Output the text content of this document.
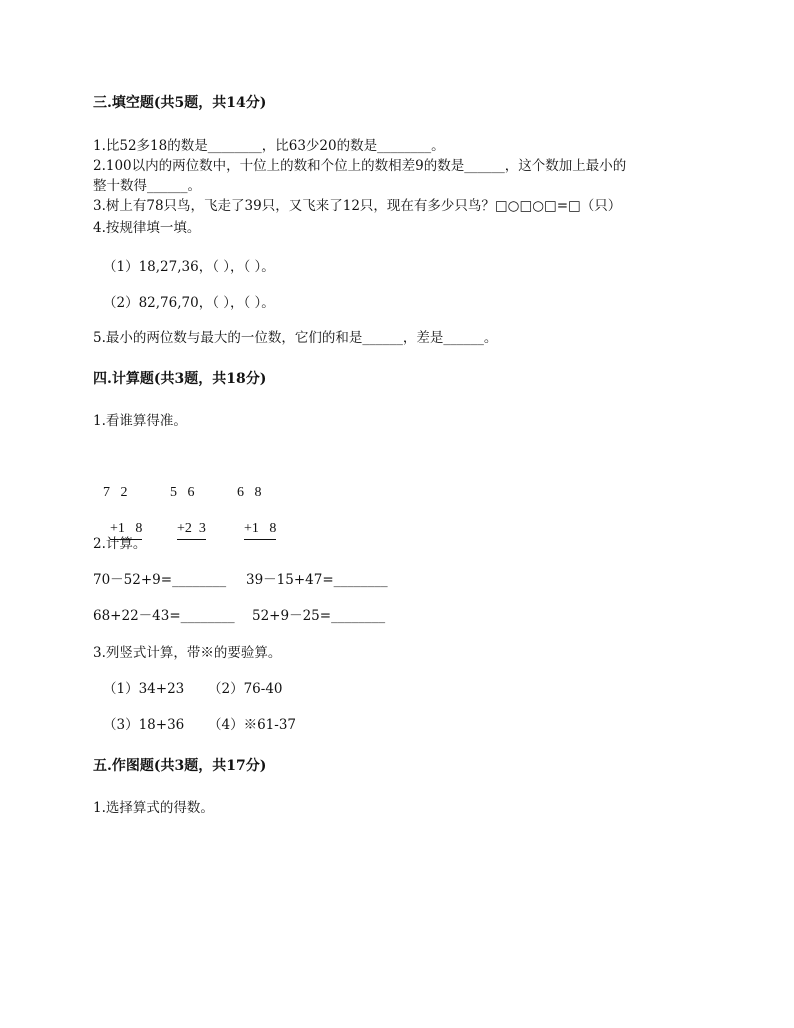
三.填空题(共5题，共14分)
1.比52多18的数是________，比63少20的数是________。
2.100以内的两位数中，十位上的数和个位上的数相差9的数是______，这个数加上最小的
整十数得______。
3.树上有78只鸟，飞走了39只，又飞来了12只，现在有多少只鸟？□○□○□=□（只）
4.按规律填一填。
（1）18,27,36，（ ），（ ）。
（2）82,76,70，（ ），（ ）。
5.最小的两位数与最大的一位数，它们的和是______，差是______。
四.计算题(共3题，共18分)
1.看谁算得准。

7   2

+1   8

5   6

+2  3

6   8

+1   8

2.计算。
70－52+9=________ 39－15+47=________
68+22－43=________ 52+9－25=________
3.列竖式计算，带※的要验算。
（1）34+23 （2）76-40
（3）18+36 （4）※61-37
五.作图题(共3题，共17分)
1.选择算式的得数。
